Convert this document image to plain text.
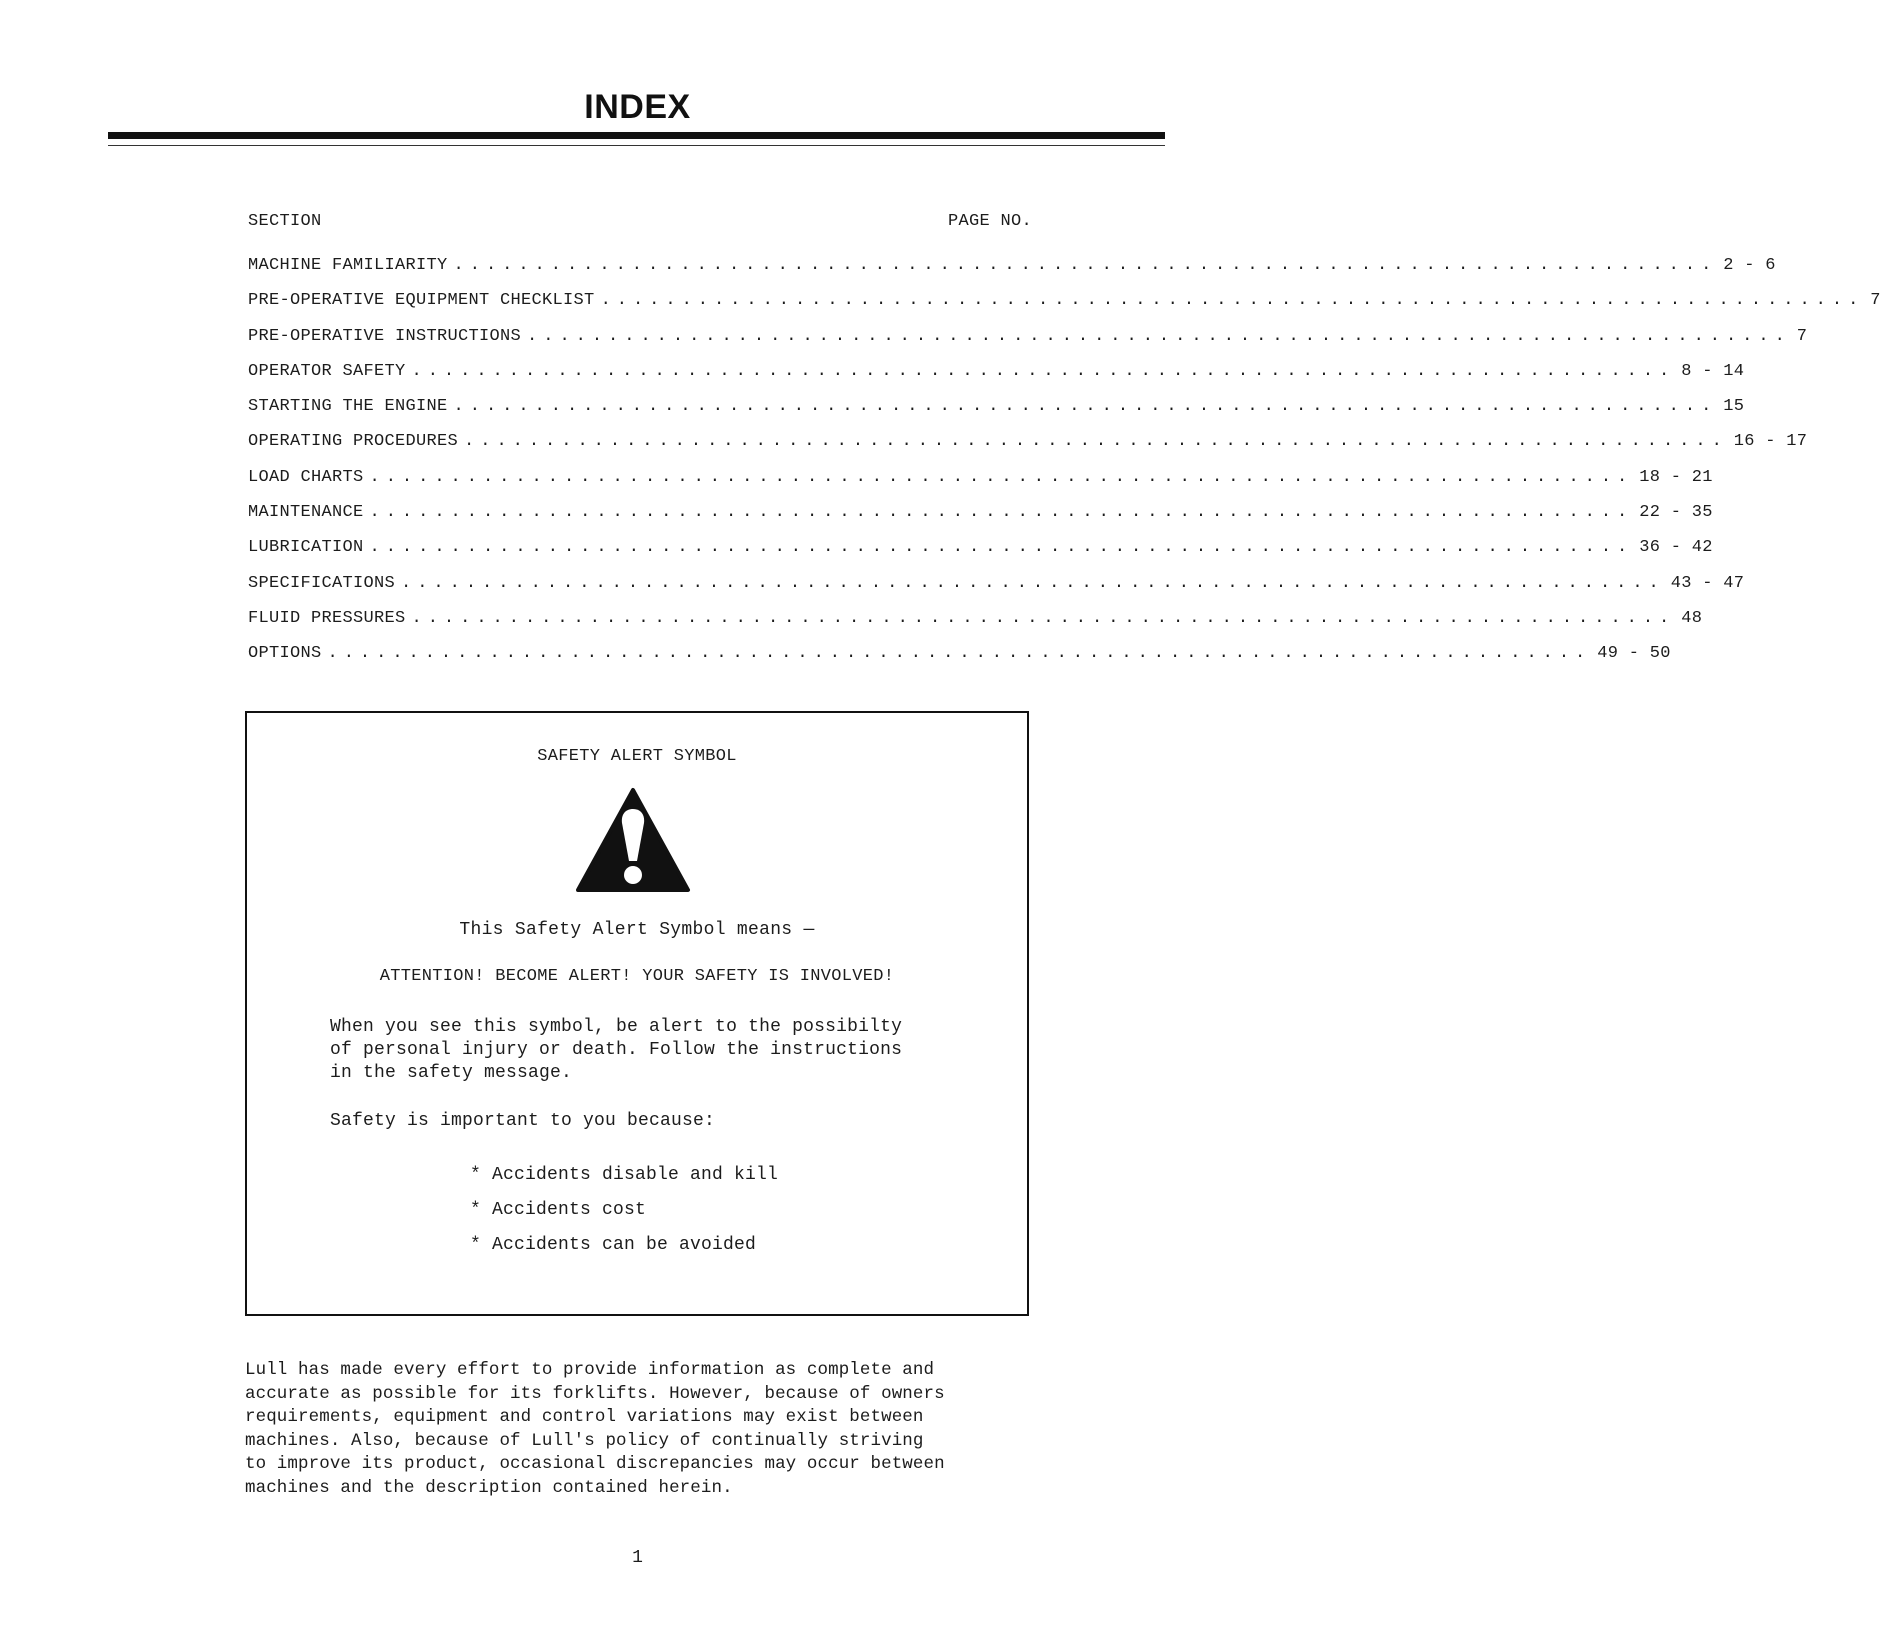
INDEX
SECTION	PAGE NO.
MACHINE FAMILIARITY .............................................................................. 2 - 6
PRE-OPERATIVE EQUIPMENT CHECKLIST .............................................................................. 7
PRE-OPERATIVE INSTRUCTIONS .............................................................................. 7
OPERATOR SAFETY .............................................................................. 8 - 14
STARTING THE ENGINE .............................................................................. 15
OPERATING PROCEDURES .............................................................................. 16 - 17
LOAD CHARTS .............................................................................. 18 - 21
MAINTENANCE .............................................................................. 22 - 35
LUBRICATION .............................................................................. 36 - 42
SPECIFICATIONS .............................................................................. 43 - 47
FLUID PRESSURES .............................................................................. 48
OPTIONS .............................................................................. 49 - 50
SAFETY ALERT SYMBOL
This Safety Alert Symbol means —
ATTENTION! BECOME ALERT! YOUR SAFETY IS INVOLVED!
When you see this symbol, be alert to the possibilty
of personal injury or death. Follow the instructions
in the safety message.
Safety is important to you because:
* Accidents disable and kill
* Accidents cost
* Accidents can be avoided
Lull has made every effort to provide information as complete and
accurate as possible for its forklifts. However, because of owners
requirements, equipment and control variations may exist between
machines. Also, because of Lull's policy of continually striving
to improve its product, occasional discrepancies may occur between
machines and the description contained herein.
1
